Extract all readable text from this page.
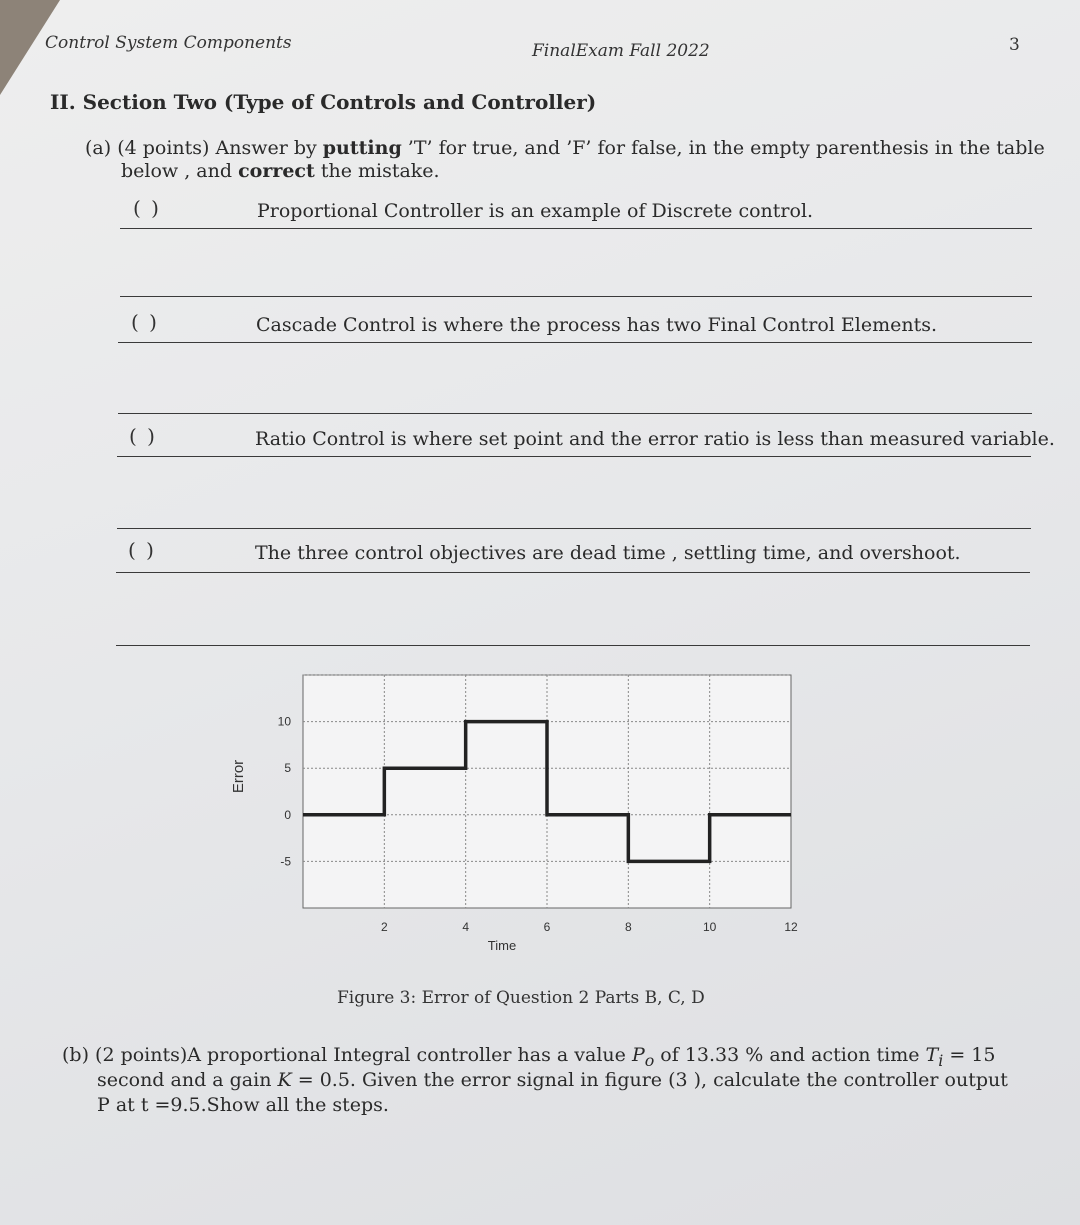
Control System Components	FinalExam Fall 2022	3
II. Section Two (Type of Controls and Controller)
(a) (4 points) Answer by putting ’T’ for true, and ’F’ for false, in the empty parenthesis in the table
below , and correct the mistake.
( )	Proportional Controller is an example of Discrete control.
( )	Cascade Control is where the process has two Final Control Elements.
( )	Ratio Control is where set point and the error ratio is less than measured variable.
( )	The three control objectives are dead time , settling time, and overshoot.
10
5
0
-5
2	4	6	8	10	12
Time
Error
Figure 3: Error of Question 2 Parts B, C, D
(b) (2 points)A proportional Integral controller has a value $P_o$ of 13.33 % and action time $T_i = 15$
second and a gain K = 0.5. Given the error signal in figure (3 ), calculate the controller output
P at t =9.5.Show all the steps.
